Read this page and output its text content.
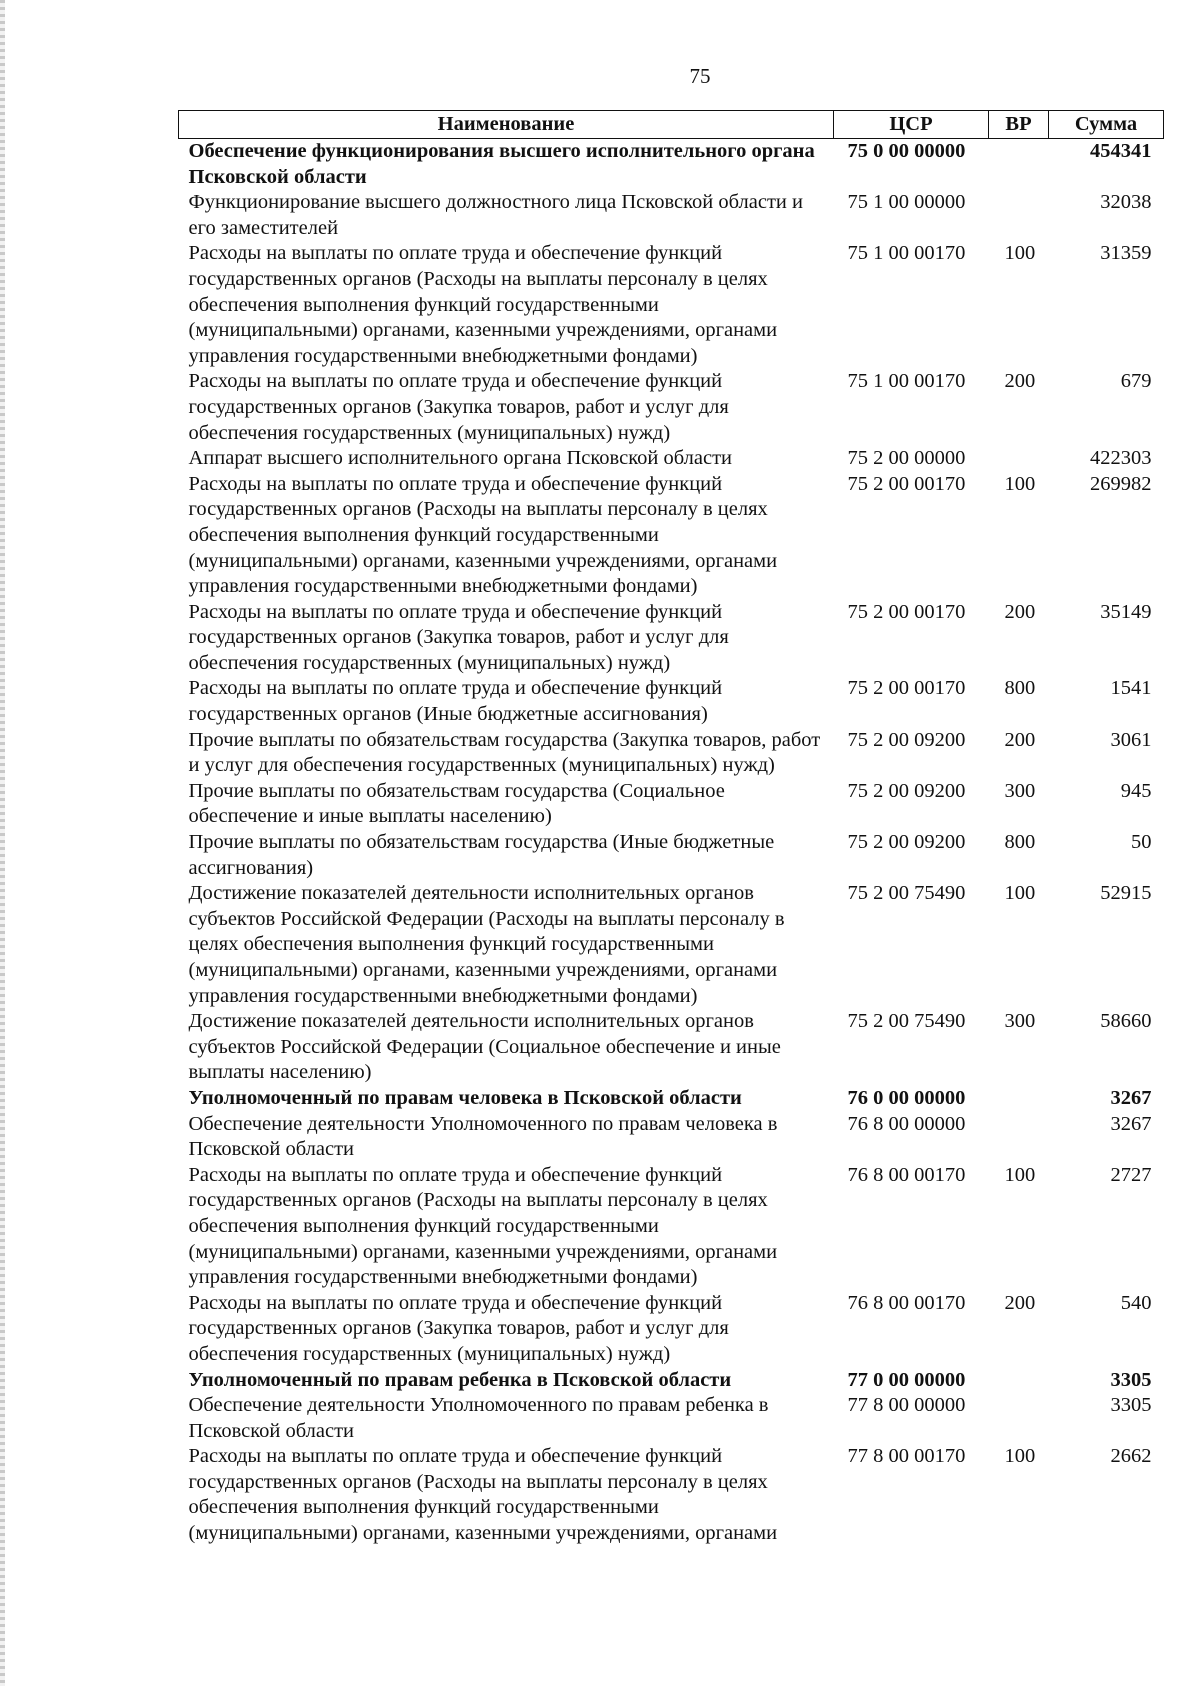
75
Наименование	ЦСР	ВР	Сумма
Обеспечение функционирования высшего исполнительного органа Псковской области	75 0 00 00000		454341
Функционирование высшего должностного лица Псковской области и его заместителей	75 1 00 00000		32038
Расходы на выплаты по оплате труда и обеспечение функций государственных органов (Расходы на выплаты персоналу в целях обеспечения выполнения функций государственными (муниципальными) органами, казенными учреждениями, органами управления государственными внебюджетными фондами)	75 1 00 00170	100	31359
Расходы на выплаты по оплате труда и обеспечение функций государственных органов (Закупка товаров, работ и услуг для обеспечения государственных (муниципальных) нужд)	75 1 00 00170	200	679
Аппарат высшего исполнительного органа Псковской области	75 2 00 00000		422303
Расходы на выплаты по оплате труда и обеспечение функций государственных органов (Расходы на выплаты персоналу в целях обеспечения выполнения функций государственными (муниципальными) органами, казенными учреждениями, органами управления государственными внебюджетными фондами)	75 2 00 00170	100	269982
Расходы на выплаты по оплате труда и обеспечение функций государственных органов (Закупка товаров, работ и услуг для обеспечения государственных (муниципальных) нужд)	75 2 00 00170	200	35149
Расходы на выплаты по оплате труда и обеспечение функций государственных органов (Иные бюджетные ассигнования)	75 2 00 00170	800	1541
Прочие выплаты по обязательствам государства (Закупка товаров, работ и услуг для обеспечения государственных (муниципальных) нужд)	75 2 00 09200	200	3061
Прочие выплаты по обязательствам государства (Социальное обеспечение и иные выплаты населению)	75 2 00 09200	300	945
Прочие выплаты по обязательствам государства (Иные бюджетные ассигнования)	75 2 00 09200	800	50
Достижение показателей деятельности исполнительных органов субъектов Российской Федерации (Расходы на выплаты персоналу в целях обеспечения выполнения функций государственными (муниципальными) органами, казенными учреждениями, органами управления государственными внебюджетными фондами)	75 2 00 75490	100	52915
Достижение показателей деятельности исполнительных органов субъектов Российской Федерации (Социальное обеспечение и иные выплаты населению)	75 2 00 75490	300	58660
Уполномоченный по правам человека в Псковской области	76 0 00 00000		3267
Обеспечение деятельности Уполномоченного по правам человека в Псковской области	76 8 00 00000		3267
Расходы на выплаты по оплате труда и обеспечение функций государственных органов (Расходы на выплаты персоналу в целях обеспечения выполнения функций государственными (муниципальными) органами, казенными учреждениями, органами управления государственными внебюджетными фондами)	76 8 00 00170	100	2727
Расходы на выплаты по оплате труда и обеспечение функций государственных органов (Закупка товаров, работ и услуг для обеспечения государственных (муниципальных) нужд)	76 8 00 00170	200	540
Уполномоченный по правам ребенка в Псковской области	77 0 00 00000		3305
Обеспечение деятельности Уполномоченного по правам ребенка в Псковской области	77 8 00 00000		3305
Расходы на выплаты по оплате труда и обеспечение функций государственных органов (Расходы на выплаты персоналу в целях обеспечения выполнения функций государственными (муниципальными) органами, казенными учреждениями, органами	77 8 00 00170	100	2662
